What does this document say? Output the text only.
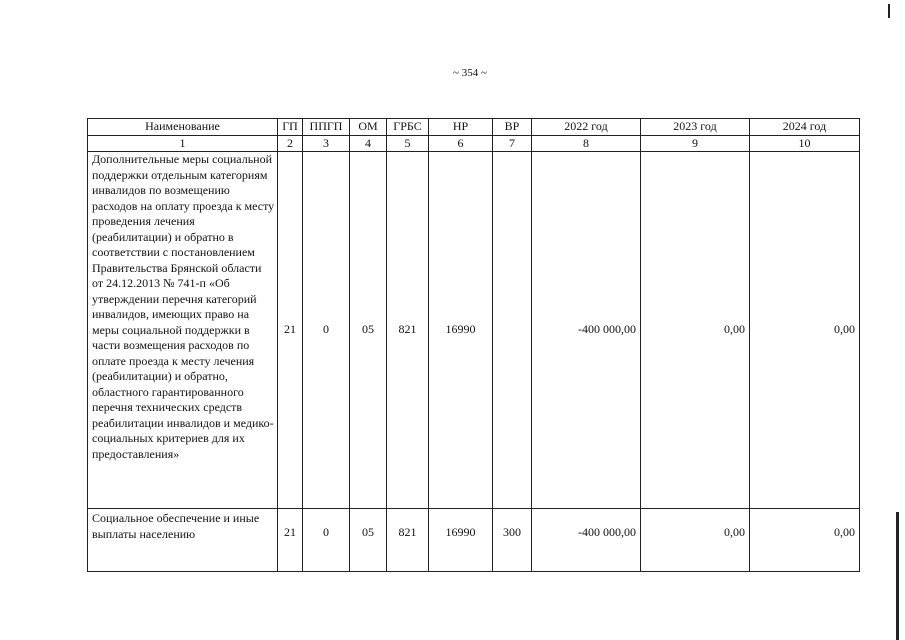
~ 354 ~
Наименование	ГП	ППГП	ОМ	ГРБС	НР	ВР	2022 год	2023 год	2024 год
1	2	3	4	5	6	7	8	9	10
Дополнительные меры социальной поддержки отдельным категориям инвалидов по возмещению расходов на оплату проезда к месту проведения лечения (реабилитации) и обратно в соответствии с постановлением Правительства Брянской области от 24.12.2013 № 741-п «Об утверждении перечня категорий инвалидов, имеющих право на меры социальной поддержки в части возмещения расходов по оплате проезда к месту лечения (реабилитации) и обратно, областного гарантированного перечня технических средств реабилитации инвалидов и медико-социальных критериев для их предоставления»	21	0	05	821	16990		-400 000,00	0,00	0,00
Социальное обеспечение и иные выплаты населению	21	0	05	821	16990	300	-400 000,00	0,00	0,00
